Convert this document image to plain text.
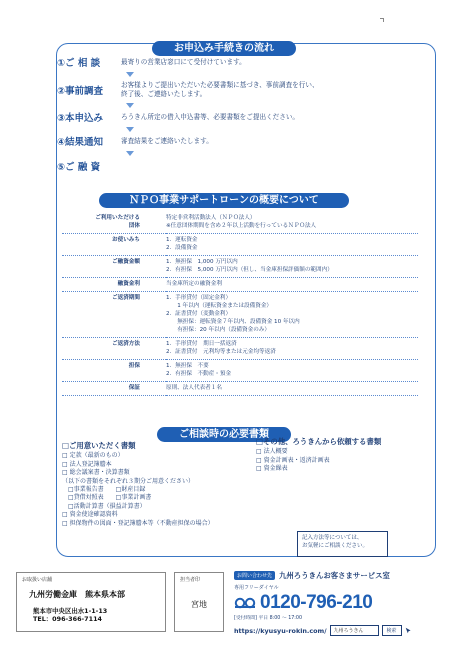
お申込み手続きの流れ
①ご 相 談	最寄りの営業店窓口にて受付けています。
②事前調査
お客様よりご提出いただいた必要書類に基づき、事前調査を行い、
終了後、ご連絡いたします。
③本申込み	ろうきん所定の借入申込書等、必要書類をご提出ください。
④結果通知	審査結果をご連絡いたします。
⑤ご 融 資
ＮＰＯ事業サポートローンの概要について
ご利用いただける
団体	特定非営利活動法人（ＮＰＯ法人）
※任意団体期間を含め２年以上活動を行っているＮＰＯ法人
お使いみち	1．運転資金
2．設備資金
ご融資金額	1．無担保　1,000 万円以内
2．有担保　5,000 万円以内（但し、当金庫担保評価額の範囲内）
融資金利	当金庫所定の融資金利
ご返済期間	1．手形貸付（固定金利）
　　1 年以内（運転資金または設備資金）
2．証書貸付（変動金利）
　　無担保：運転資金７年以内、設備資金 10 年以内
　　有担保：20 年以内（設備資金のみ）
ご返済方法	1．手形貸付　期日一括返済
2．証書貸付　元利均等または元金均等返済
担保	1．無担保　不要
2．有担保　不動産・預金
保証	原則、法人代表者１名
ご相談時の必要書類
□ご用意いただく書類
□ 定款（最新のもの）
□ 法人登記簿謄本
□ 総会議案書・決算書類
（以下の書類をそれぞれ３期分ご用意ください）
　□事業報告書　　□財産目録
　□貸借対照表　　□事業計画書
　□活動計算書（損益計算書）
□ 資金使途確認資料
□ 担保物件の図面・登記簿謄本等（不動産担保の場合）
□その他、ろうきんから依頼する書類
□ 法人概要
□ 資金計画表・返済計画表
□ 資金繰表
記入方法等については、
お気軽にご相談ください。
お取扱い店舗
九州労働金庫　熊本県本部
熊本市中央区出水1-1-13
TEL：096-366-7114
担当者印
宮地
お問い合わせ先 九州ろうきんお客さまサービス室
専用フリーダイヤル
0120-796-210
[受付時間] 平日 8:00 〜 17:00
https://kyusyu-rokin.com/	九州ろうきん	検索
